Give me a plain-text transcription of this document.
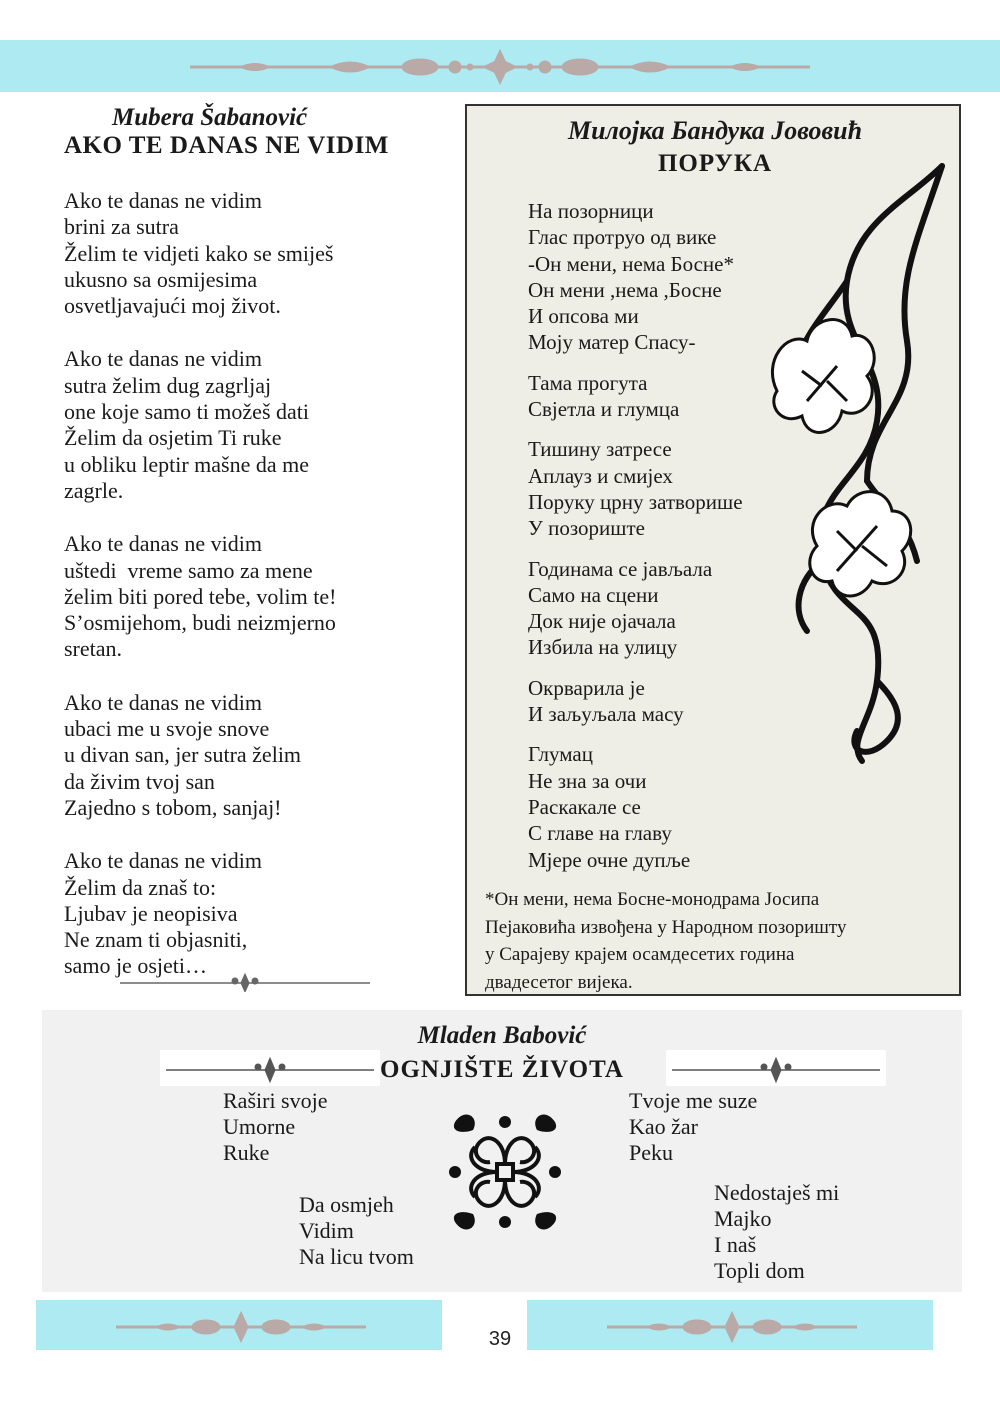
Mubera Šabanović
AKO TE DANAS NE VIDIM
Ako te danas ne vidim
brini za sutra
Želim te vidjeti kako se smiješ
ukusno sa osmijesima
osvetljavajući moj život.
Ako te danas ne vidim
sutra želim dug zagrljaj
one koje samo ti možeš dati
Želim da osjetim Ti ruke
u obliku leptir mašne da me
zagrle.
Ako te danas ne vidim
uštedi  vreme samo za mene
želim biti pored tebe, volim te!
S’osmijehom, budi neizmjerno
sretan.
Ako te danas ne vidim
ubaci me u svoje snove
u divan san, jer sutra želim
da živim tvoj san
Zajedno s tobom, sanjaj!
Ako te danas ne vidim
Želim da znaš to:
Ljubav je neopisiva
Ne znam ti objasniti,
samo je osjeti…
Милојка Бандука Јововић
ПОРУКА
На позорници
Глас протруо од вике
-Он мени, нема Босне*
Он мени ,нема ,Босне
И опсова ми
Моју матер Спасу-
Тама прогута
Свјетла и глумца
Тишину затресе
Аплауз и смијех
Поруку црну затворише
У позориште
Годинама се јављала
Само на сцени
Док није ојачала
Избила на улицу
Окрварила је
И заљуљала масу
Глумац
Не зна за очи
Раскакале се
С главе на главу
Мјере очне дупље
*Он мени, нема Босне-монодрама Јосипа
Пејаковића извођена у Народном позоришту
у Сарајеву крајем осамдесетих година
двадесетог вијека.
Mladen Babović
OGNJIŠTE ŽIVOTA
Raširi svoje
Umorne
Ruke
Da osmjeh
Vidim
Na licu tvom
Tvoje me suze
Kao žar
Peku
Nedostaješ mi
Majko
I naš
Topli dom
39
